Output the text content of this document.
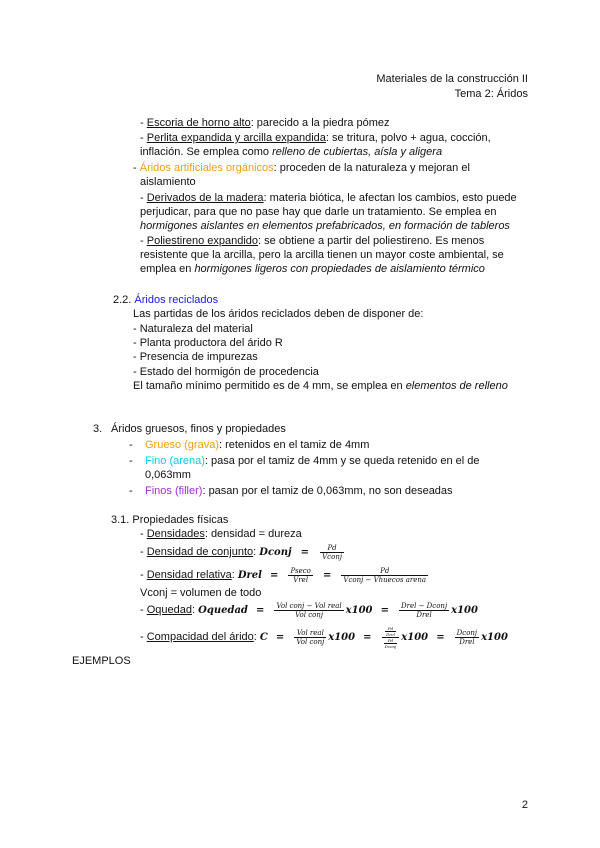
Materiales de la construcción II
Tema 2: Áridos
- Escoria de horno alto: parecido a la piedra pómez
- Perlita expandida y arcilla expandida: se tritura, polvo + agua, cocción,
inflación. Se emplea como relleno de cubiertas, aísla y aligera
- Áridos artificiales orgánicos: proceden de la naturaleza y mejoran el
aislamiento
- Derivados de la madera: materia biótica, le afectan los cambios, esto puede
perjudicar, para que no pase hay que darle un tratamiento. Se emplea en
hormigones aislantes en elementos prefabricados, en formación de tableros
- Poliestireno expandido: se obtiene a partir del poliestireno. Es menos
resistente que la arcilla, pero la arcilla tienen un mayor coste ambiental, se
emplea en hormigones ligeros con propiedades de aislamiento térmico
2.2. Áridos reciclados
Las partidas de los áridos reciclados deben de disponer de:
- Naturaleza del material
- Planta productora del árido R
- Presencia de impurezas
- Estado del hormigón de procedencia
El tamaño mínimo permitido es de 4 mm, se emplea en elementos de relleno
3. Áridos gruesos, finos y propiedades
- Grueso (grava): retenidos en el tamiz de 4mm
- Fino (arena): pasa por el tamiz de 4mm y se queda retenido en el de
0,063mm
- Finos (filler): pasan por el tamiz de 0,063mm, no son deseadas
3.1. Propiedades físicas
- Densidades: densidad = dureza
- Densidad de conjunto: Dconj = $\frac{Pd}{\text{Vconj}}$
- Densidad relativa: Drel = $\frac{Pseco}{\text{Vrel}} = \frac{Pd}{\text{Vconj − Vhuecos arena}}$
Vconj = volumen de todo
- Oquedad: Oquedad = $\frac{\text{Vol conj − Vol real}}{\text{Vol conj}} x100 = \frac{\text{Drel − Dconj}}{\text{Drel}} x100$
- Compacidad del árido: $C = \frac{\text{Vol real}}{\text{Vol conj}} x100$ =	$\frac{\frac{Pd}{\text{Drel}}}{\frac{Pd}{\text{Dconj}}} x100 = \frac{\text{Dconj}}{\text{Drel}} x100$
EJEMPLOS
2
